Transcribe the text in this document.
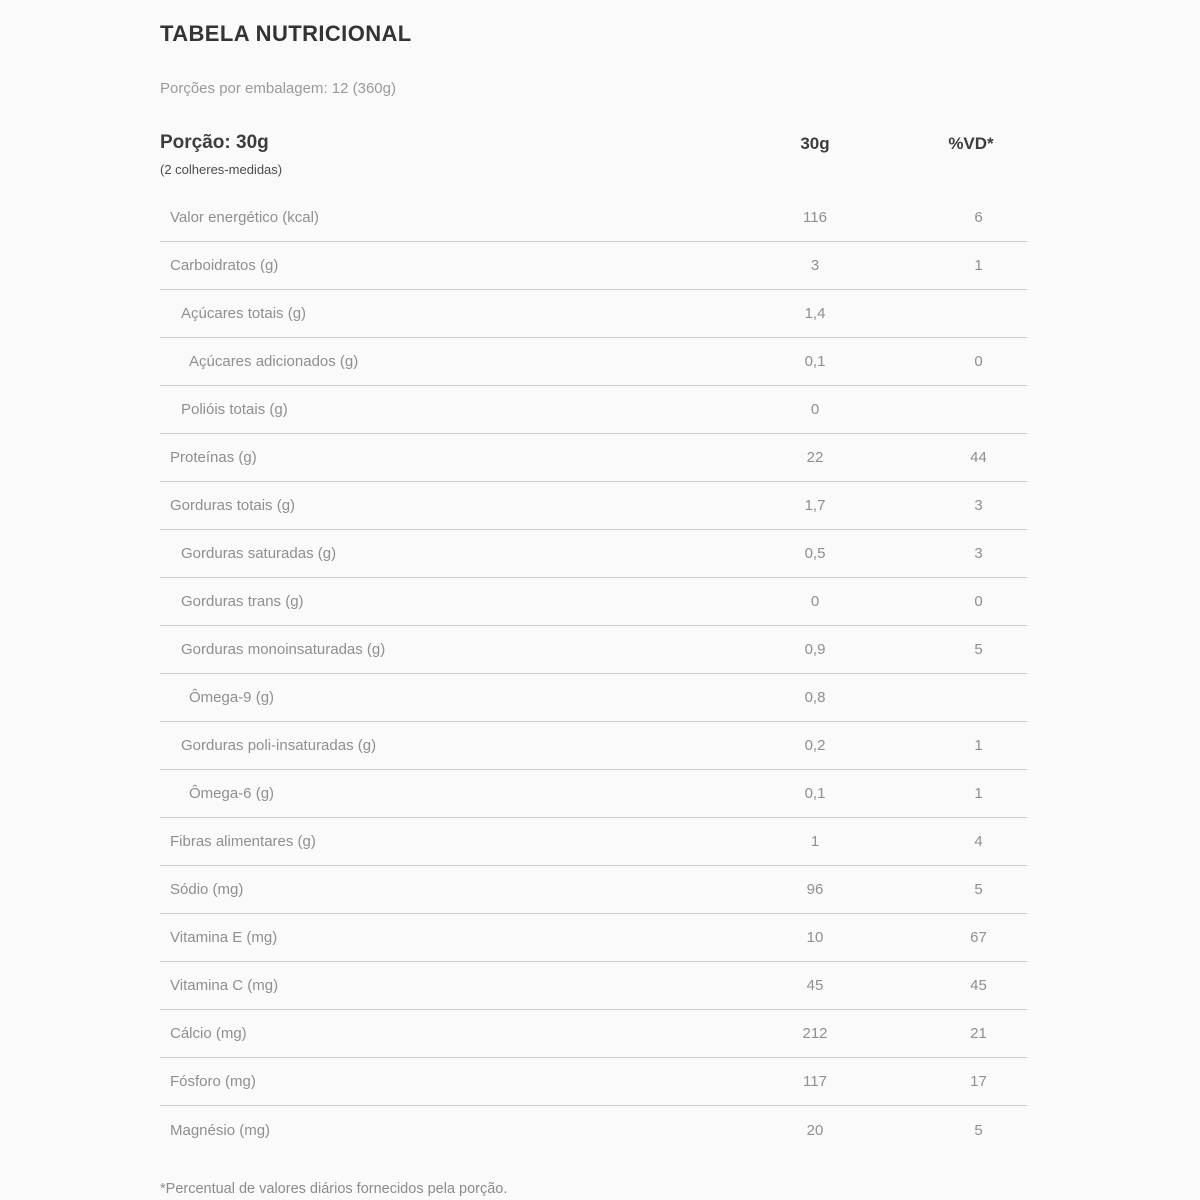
TABELA NUTRICIONAL
Porções por embalagem: 12 (360g)
Porção: 30g
(2 colheres-medidas)
30g	%VD*
Valor energético (kcal)	116	6
Carboidratos (g)	3	1
Açúcares totais (g)	1,4
Açúcares adicionados (g)	0,1	0
Polióis totais (g)	0
Proteínas (g)	22	44
Gorduras totais (g)	1,7	3
Gorduras saturadas (g)	0,5	3
Gorduras trans (g)	0	0
Gorduras monoinsaturadas (g)	0,9	5
Ômega-9 (g)	0,8
Gorduras poli-insaturadas (g)	0,2	1
Ômega-6 (g)	0,1	1
Fibras alimentares (g)	1	4
Sódio (mg)	96	5
Vitamina E (mg)	10	67
Vitamina C (mg)	45	45
Cálcio (mg)	212	21
Fósforo (mg)	117	17
Magnésio (mg)	20	5
*Percentual de valores diários fornecidos pela porção.
